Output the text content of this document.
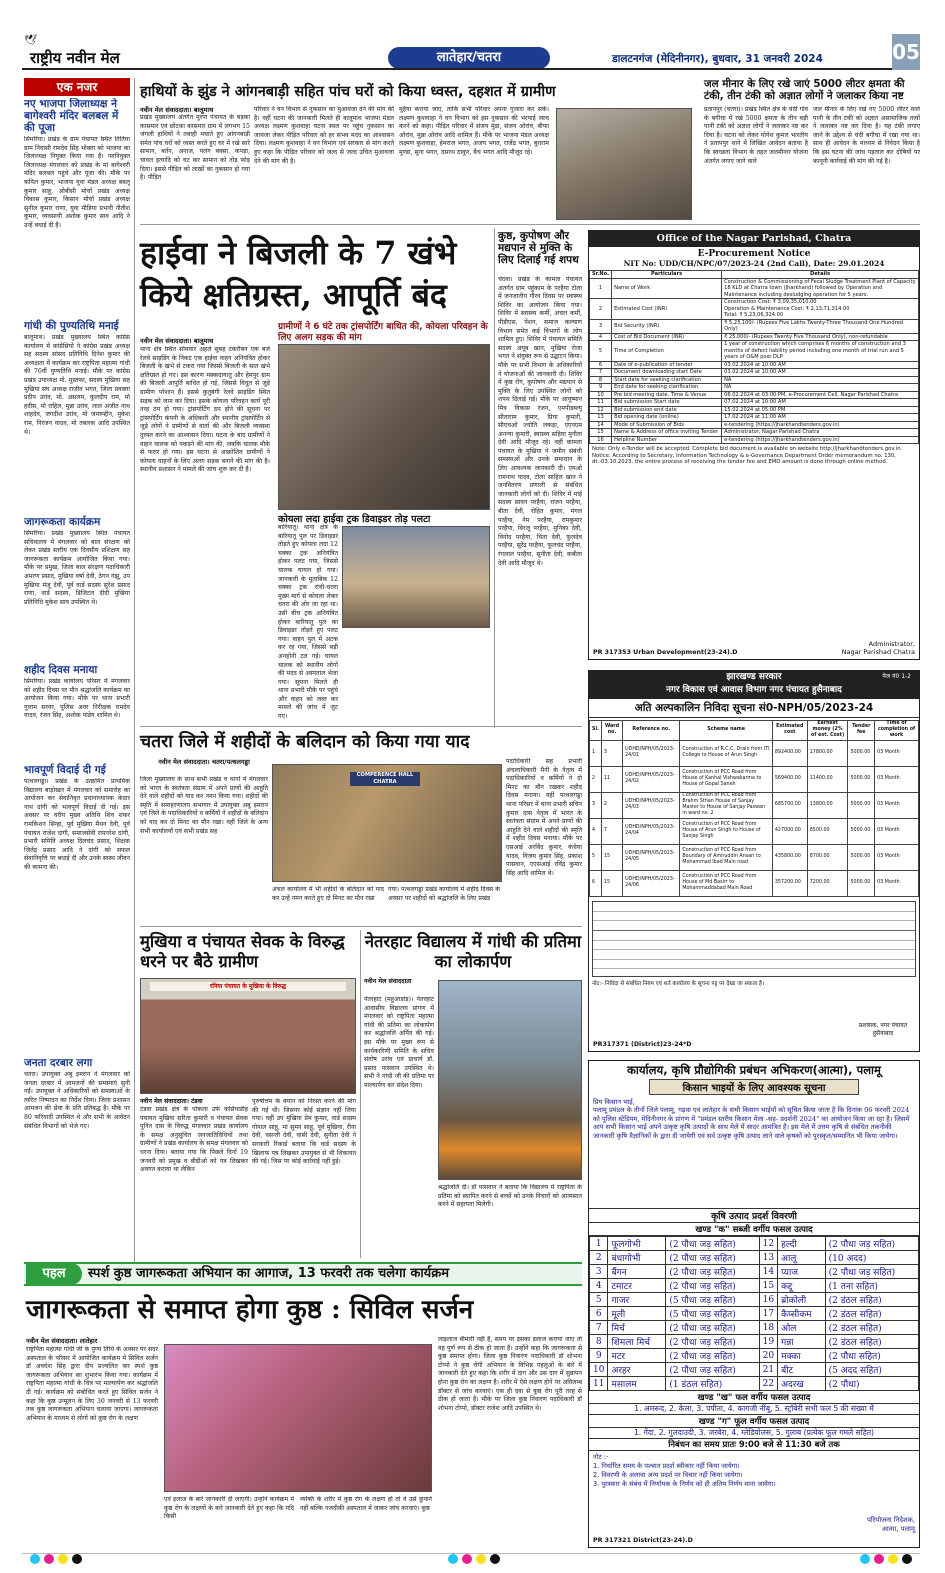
🕊
राष्ट्रीय नवीन मेल	लातेहार/चतरा	डालटनगंज (मेदिनीनगर), बुधवार, 31 जनवरी 2024	05
एक नजर
नए भाजपा जिलाध्यक्ष ने बागेश्वरी मंदिर बलबल में की पूजा
सिमरिया। प्रखंड के ग्राम पंचायत स्थित तितिया ग्राम निवासी रामदेव सिंह भोक्ता को भाजपा का जिलाध्यक्ष नियुक्त किया गया है। नवनियुक्त जिलाध्यक्ष मंगलवार को प्रखंड के मां बागेश्वरी मंदिर बलबल पहुंचे और पूजा की। मौके पर कपिल कुमार, भाजपा युवा मंडल अध्यक्ष बबलू कुमार साहू, ओबीसी मोर्चा प्रखंड अध्यक्ष विकास कुमार, किसान मोर्चा प्रखंड अध्यक्ष सुनील कुमार राणा, युवा मीडिया प्रभारी नीतीश कुमार, व्यवसायी अशोक कुमार साव आदि ने उन्हें बधाई दी है।
गांधी की पुण्यतिथि मनाई
बालूमाथ। प्रखंड मुख्यालय स्थित कांग्रेस कार्यालय में कांग्रेसियों ने कांग्रेस प्रखंड अध्यक्ष सह सदस्य सांसद प्रतिनिधि दिनेश कुमार की अध्यक्षता में कार्यक्रम कर राष्ट्रपिता महात्मा गांधी की 76वीं पुण्यतिथि मनाई। मौके पर कांग्रेस प्रखंड उपाध्यक्ष मो. मुस्तफा, सदस्य मुखिया सह मुखिया संघ अध्यक्ष राजीव भगत, जिला प्रवक्ता प्रदीप उरांव, मो. असलम, कुलदीप राम, मो हदीस, मो राहिल, मुन्ना उरांव, लाल अजीत नाथ शाहदेव, जगदीश उरांव, मो जमरूद्दीन, मुकेश राम, निरंजन यादव, मो तबारक आदि उपस्थित थे।
जागरूकता कार्यक्रम
सिमरिया। प्रखंड मुख्यालय स्थित पंचायत सचिवालय में मंगलवार को बाल संरक्षण को लेकर प्रखंड स्तरीय एक दिवसीय प्रशिक्षण सह जागरूकता कार्यक्रम आयोजित किया गया। मौके पर प्रमुख, जिला बाल संरक्षण पदाधिकारी अमरण प्रसाद, मुखिया वर्षा देवी, ठेगन गंझू, उप मुखिया मंजू देवी, पूर्व वार्ड सदस्य सुरेश प्रसाद राणा, वार्ड सदस्य, डिजिटल दीदी मुखिया प्रतिनिधि मुकेश साव उपस्थित थे।
शहीद दिवस मनाया
सिमरिया। प्रखंड कार्यालय परिसर में मंगलवार को शहीद दिवस पर मौन श्रद्धांजलि कार्यक्रम का आयोजन किया गया। मौके पर थाना प्रभारी गुलाम सरवर, पुलिस अवर निरीक्षक रामदेव यादव, रंजन सिंह, अशोक पांडेय शामिल थे।
भावपूर्ण विदाई दी गई
पत्थलगड्डा। प्रखंड के उत्क्रमित प्राथमिक विद्यालय बाड़ोखार में मंगलवार को समारोह का आयोजन कर सेवानिवृत प्रधानाध्यापक केदार नाथ दांगी को भावपूर्ण विदाई दी गई। इस अवसर पर वरीय मुख्य अतिथि शिव शंकर रामकिशन सिन्हा, पूर्व मुखिया मैथन देवी, पूर्व पंचायत राजेश दांगी, समाजसेवी रामनरेश दांगी, प्रभारी समिति अध्यक्ष दिलचंद प्रसाद, शिक्षक जितेंद्र प्रसाद आदि ने दांगी को सफल सेवानिवृत्ति पर बधाई दी और उनके स्वस्थ जीवन की कामना की।
जनता दरबार लगा
चतरा। उपायुक्त अबु इमरान ने मंगलवार को जनता दरबार में आमजनों की समस्याएं सुनी गईं। उपायुक्त ने अधिकारियों को समस्याओं के त्वरित निष्पादन का निर्देश दिया। जिला प्रशासन आमजन की सेवा के प्रति प्रतिबद्ध है। मौके पर 80 फरियादी उपस्थित थे और सभी के आवेदन संबंधित विभागों को भेजे गए।
हाथियों के झुंड ने आंगनबाड़ी सहित पांच घरों को किया ध्वस्त, दहशत में ग्रामीण
नवीन मेल संवाददाता। बालूमाथ
प्रखंड मुख्यालय अंतर्गत मुरपा पंचायत के बड़का कासमार एवं छोटका कासमार ग्राम में लगभग 15 जंगली हाथियों ने तबाही मचाते हुए आंगनबाड़ी समेत पांच घरों को ध्वस्त करते हुए घर में रखे सारे सामान, बर्तन, अनाज, पलंग बक्सा, कपड़ा, चावल इत्यादि को चट कर सामान को तोड़ फोड़ दिया। इससे पीड़ित को लाखों का नुकसान हो गया है। पीड़ित
परिवार ने वन विभाग से नुकसान का मुआवजा देने की मांग की है। वहीं घटना की जानकारी मिलते ही बालूमाथ भाजपा मंडल अध्यक्ष लक्ष्मण कुशवाहा घटना स्थल पर पहुंच नुकसान का जायजा लेकर पीड़ित परिवार को हर संभव मदद का आश्वासन दिया। लक्ष्मण कुशवाहा ने वन विभाग एवं सरकार से मांग करते हुए कहा कि पीड़ित परिवार को जल्द से जल्द उचित मुआवजा देने की मांग की है।
मुहैया कराया जाए, ताकि सभी परिवार अपना गुजारा कर सकें। लक्ष्मण कुशवाहा ने वन विभाग को इस नुकसान की भरपाई जल्द करने को कहा। पीड़ित परिवार में संजय मुंडा, संजय ओरांव, बीफा ओरांव, मुन्ना ओरांव आदि शामिल हैं। मौके पर भाजपा मंडल अध्यक्ष लक्ष्मण कुशवाहा, हेमराज भगत, अजय भगत, राजेंद्र भगत, बुधराम मुण्डा, सुना भगत, दसरथ ठाकुर, बैच भगत आदि मौजूद रहे।
जल मीनार के लिए रखे जाएं 5000 लीटर क्षमता की टंकी, तीन टंकी को अज्ञात लोगों ने जलाकर किया नष्ट
प्रतापपुर (चतरा)। प्रखंड स्थित क्षेत्र के चंदी गांव के बगीचा में रखे 5000 क्षमता के तीन बड़ी पानी टंकी को अज्ञात लोगों ने जलाकर नष्ट कर दिया है। घटना को लेकर योगेश कुमार भारतीय ने प्रतापपुर थाने में लिखित आवेदन बताया है कि स्वच्छता विभाग के तहत जलमीनार योजना अंतर्गत लगाए जाने वाले
जल मीनार के लिए रखे गए 5000 लीटर वाले पानी के तीन टंकी को अज्ञात असामाजिक तत्वों ने जलाकर नष्ट कर दिया है। यह टंकी लगाए जाने के उद्देश्य से चंदी बगीचा में रखा गया था। साथ ही आवेदन के माध्यम से निवेदन किया है कि इस घटना की जांच पड़ताल कर दोषियों पर कानूनी कार्रवाई की मांग की गई है।
हाईवा ने बिजली के 7 खंभे किये क्षतिग्रस्त, आपूर्ति बंद
नवीन मेल संवाददाता। बालूमाथ
थाना क्षेत्र स्थित सोमवार अहले सुबह टकरीबन एक बजे रेलवे साइडिंग के निकट एक हाईवा वाहन अनियंत्रित होकर बिजली के खंभे से टकरा गया जिससे बिजली के सात खंभे क्षतिग्रस्त हो गए। इस कारण मक्कदायातु और हेमपुर ग्राम की बिजली आपूर्ति बाधित हो गई, जिससे विधुत से जुड़े ग्रामीण परेशान हैं। इससे कुतुबंगी रेलवे साइडिंग स्थित सड़क को जाम कर दिया। इसके कोयला परिवहन कार्य पूरी तरह ठप हो गया। ट्रांसपोर्टिंग ठप होने की सूचना पर ट्रांसपोर्टिंग कंपनी के अधिकारी और स्थानीय ट्रांसपोर्टिंग से जुड़े लोगों ने ग्रामीणों से वार्ता की और बिजली व्यवस्था दुरुस्त करने का आश्वासन दिया। घटना के बाद ग्रामीणों ने वाहन चालक को पकड़ने की मांग की, जबकि चालक मौके से फरार हो गया। इस घटना से आक्रोशित ग्रामीणों ने कोयला वाहनों के लिए अलग सड़क बनाने की मांग की है। स्थानीय प्रशासन ने मामले की जांच शुरू कर दी है।
ग्रामीणों ने 6 घंटे तक ट्रांसपोर्टिंग बाधित की, कोयला परिवहन के लिए अलग सड़क की मांग
कोयला लदा हाईवा ट्रक डिवाइडर तोड़ पलटा
बारियातू। थाना क्षेत्र के बारियातू पुल पर डिवाइडर तोड़ते हुए कोयला लदा 12 चक्का ट्रक अनियंत्रित होकर पलट गया, जिससे चालक घायल हो गया। जानकारी के मुताबिक 12 चक्का ट्रक रांची-चतरा मुख्य मार्ग से कोयला लेकर चतरा की ओर जा रहा था। उसी बीच ट्रक अनियंत्रित होकर बारियातू पुल का डिवाइडर तोड़ते हुए पलट गया। वाहन पुल में अटक कर रह गया, जिससे बड़ी अनहोनी टल गई। घायल चालक को स्थानीय लोगों की मदद से अस्पताल भेजा गया। सूचना मिलते ही थाना प्रभारी मौके पर पहुंचे और वाहन को जब्त कर मामले की जांच में जुट गए।
कुष्ठ, कुपोषण और मद्यपान से मुक्ति के लिए दिलाई गई शपथ
चंदवा। प्रखंड के कामता पंचायत अंतर्गत ग्राम पहुंकाम के परहैया टोला में जनजातीय गौरव दिवस पर स्वास्थ्य शिविर का आयोजन किया गया। शिविर में स्वास्थ्य कर्मी, अंचल कर्मी, पीडीएस, पेंशन, समाज कल्याण विभाग समेत कई विभागों के लोग शामिल हुए। शिविर में पंचायत समिति सदस्य अयूब खान, मुखिया रोजा भगत ने संयुक्त रूप से उद्घाटन किया। मौके पर सभी विभाग के अधिकारियों ने योजनाओं की जानकारी दी। शिविर में कुष्ठ रोग, कुपोषण और मद्यपान से मुक्ति के लिए उपस्थित लोगों को शपथ दिलाई गई। मौके पर आयुष्मान मित्र विकास रंजन, एमपीडब्ल्यू सीताराम कुमार, प्रिया कुमारी, सीएचओ ज्योति लकड़ा, एएनएम अनन्या कुमारी, स्वास्थ्य सहिया मुनीता देवी आदि मौजूद रहे। वहीं कामता पंचायत के मुखिया ने जमीन संबंधी समस्याओं और उनके समाधान के लिए आवश्यक जानकारी दी। एमओ रामनाथ यादव, टोला साहिल खान ने जनवितरण प्रणाली से संबंधित जानकारी लोगों को दी। शिविर में मांई सदस्य सावन परहैया, राजन परहैया, बीता देवी, रोहित कुमार, मंगल परहैया, नेम परहैया, रामकुमार परहैया, बिरजू परहैया, मुनिका देवी, विनोद परहैया, चिंता देवी, फुलदेव परहैया, सुरेंद्र परहैया, फूलचंद परहैया, रंगलाल परहैया, सुनीता देवी, कबीता देवी आदि मौजूद थे।
Office of the Nagar Parishad, Chatra
E-Procurement Notice
NIT No: UDD/CH/NPC/07/2023-24 (2nd Call), Date: 29.01.2024
Sr.No.	Particulars	Details
1	Name of Work	Construction & Commissioning of Fecal Sludge Treatment Plant of Capacity 18 KLD at Chatra town (Jharkhand) followed by Operation and Maintenance including desludging operation for 5 years.
2	Estimated Cost (INR)	Construction Cost: ₹ 3,09,35,010.00
Operation & Maintenance Cost: ₹ 2,13,71,314.00
Total: ₹ 5,23,06,324.00
3	Bid Security (INR)	₹ 5,23,100/- (Rupees Five Lakhs Twenty-Three Thousand One Hundred Only)
4	Cost of Bid Document (INR)	₹ 25,000/- (Rupees Twenty Five Thousand Only), non-refundable
5	Time of Completion	1 year of construction which comprises 6 months of construction and 3 months of defect liability period including one month of trial run and 5 years of O&M post DLP
6	Date of e-publication of tender	03.02.2024 at 10:00 AM
7	Document downloading start Date	03.02.2024 at 10:00 AM
8	Start date for seeking clarification	NA
9	End date for seeking clarification	NA
10	Pre bid meeting date, Time & Venue	06.02.2024 at 03:00 PM, e-Procurement Cell, Nagar Parishad Chatra
11	Bid submission Start date	07.02.2024 at 10:00 AM
12	Bid submission end date	15.02.2024 at 05:00 PM
13	Bid opening date (online)	17.02.2024 at 11:00 AM
14	Mode of Submission of Bids	e-tendering (https://jharkhandtenders.gov.in)
15	Name & Address of office inviting Tender	Administrator, Nagar Parishad Chatra
16	Helpline Number	e-tendering (https://jharkhandtenders.gov.in)
Note: Only e-Tender will be accepted. Complete bid document is available on website http://jharkhandtenders.gov.in. Notice: According to Secretary, Information Technology & e-Governance Department Order memorandum no. 130, dt.-03.10.2023, the entire process of receiving the tender fee and EMD amount is done through online method.
Administrator,
Nagar Parishad Chatra
PR 317353 Urban Development(23-24).D
झारखण्ड सरकार
नगर विकास एवं आवास विभाग नगर पंचायत हुसैनाबाद
पेज नं0 1-2
अति अल्पकालिन निविदा सूचना सं0-NPH/05/2023-24
Sl.	Ward no.	Reference no.	Scheme name	Estimated cost	Earnest money (2% of est. Cost)	Tender fee	Time of completion of work
1	3	UDHD/NPH/05/2023-24/01	Construction of R.C.C. Drain from ITI College to House of Arun Singh	892400.00	17800.00	5000.00	03 Month
2	11	UDHD/NPH/05/2023-24/02	Construction of PCC Road from House of Kanhai Vishwakarma to House of Gopal Saneh	569400.00	11400.00	5000.00	03 Month
3	2	UDHD/NPH/05/2023-24/03	Construction of PCC Road from Brahm Sthan House of Sanjay Master to House of Sanjay Paswan in ward no. 2	685700.00	13800.00	5000.00	03 Month
4	7	UDHD/NPH/05/2023-24/04	Construction of PCC Road from House of Arun Singh to House of Sanjay Singh	427000.00	8500.00	5000.00	03 Month
5	15	UDHD/NPH/05/2023-24/05	Construction of PCC Road from Boundary of Amiruddin Ansari to Mohammad Ibad Main road	435800.00	8700.00	5000.00	03 Month
6	15	UDHD/NPH/05/2023-24/06	Construction of PCC Road from House of Md Basirr to Mohammaddabad Main Road	357200.00	7200.00	5000.00	03 Month
नोट:- निविदा से संबंधित नियम एवं शर्त कार्यालय के सूचना पट्ट पर देखा जा सकता है।
प्रशासक, नगर पंचायत हुसैनाबाद
PR317371 (District)23-24*D
चतरा जिले में शहीदों के बलिदान को किया गया याद
नवीन मेल संवाददाता। चतरा/पत्थलगड्डा
जिला मुख्यालय के साथ सभी प्रखंड व थानों में मंगलवार को भारत के स्वतंत्रता संग्राम में अपने प्राणों की आहुति देने वाले शहीदों को याद कर नमन किया गया। शहीदों की स्मृति में समाहरणालय सभागार में उपायुक्त अबु इमरान एवं जिले के पदाधिकारियों व कर्मियों ने शहीदों के बलिदान को याद कर दो मिनट का मौन रखा। वहीं जिले के अन्य सभी कार्यालयों एवं सभी प्रखंड सह
COMPERENCE HALL CHATRA
अंचल कार्यालय में भी शहीदों के बलिदान को याद कर उन्हें नमन करते हुए दो मिनट का मौन रखा
गया। पत्थलगड्डा प्रखंड कार्यालय में शहीद दिवस के अवसर पर शहीदों को श्रद्धांजलि के लिए प्रखंड
पदाधिकारी सह प्रभारी अंचलाधिकारी मैनी के नेतृत्व में पदाधिकारियों व कर्मियों ने दो मिनट का मौन रखकर शहीद दिवस मनाया। वहीं पत्थलगड्डा थाना परिसर में थाना प्रभारी सचिन कुमार दास नेतृत्व में भारत के स्वतंत्रता संग्राम में अपने प्राणों की आहुति देने वाले शहीदों की स्मृति में शहीद दिवस मनाया। मौके पर एसआई अरविंद कुमार, कंचेया यादव, विजय कुमार सिंह, प्रकाश पासवान, एएसआई रविंद्र कुमार सिंह आदि शामिल थे।
मुखिया व पंचायत सेवक के विरुद्ध धरने पर बैठे ग्रामीण
रनिया पंचायत के मुखिया के विरुद्ध
नवीन मेल संवाददाता। टंडवा
टंडवा प्रखंड क्षेत्र के पोकला उर्फ कसियाडीह पंचायत मुखिया सरिता कुमारी व पंचायत सेवक पुनित दास के विरुद्ध मंगलवार प्रखंड कार्यालय के समक्ष अनुसूचित जनजातिविधियों तथा ग्रामीणों ने प्रखंड कार्यालय के समक्ष मंगलवार को धरना दिया। बताया गया कि पिछले दिनों 19 जनवरी को प्रमुख व बीडीओ को पत्र लिखकर अवगत कराया था लेकिन
पुरुषोत्तम के बयान को निरस्त करने की मांग की गई थी। जिसपर कोई संज्ञान नहीं लिया गया। वहीं उप मुखिया प्रेम कुमार, वार्ड सदस्य गोपाल साहू, मां सुमन साहू, पूर्व मुखिया, रीना देवी, वसन्ती देवी, वासी देवी, सुनीता देवी ने सरकारी रिकार्ड बताया कि वार्ड सदस्य के खिलाफ पत्र लिखकर उपायुक्त से भी शिकायत की गई। जिस पर कोई कार्रवाई नहीं हुई।
नेतरहाट विद्यालय में गांधी की प्रतिमा का लोकार्पण
नवीन मेल संवाददाता
नेतरहाट (महुआडांड़)। नेतरहाट आवासीय विद्यालय प्रांगण में मंगलवार को राष्ट्रपिता महात्मा गांधी की प्रतिमा का लोकार्पण कर श्रद्धांजलि अर्पित की गई। इस मौके पर मुख्य रूप से कार्यकारिणी समिति के सचिव संतोष उरांव एवं प्राचार्य डॉ. प्रसाद पासवान उपस्थित थे। सभी ने गांधी जी की प्रतिमा पर माल्यार्पण कर संदेश दिया।
श्रद्धांजलि दी। डॉ पासवान ने बताया कि विद्यालय में राष्ट्रपिता के प्रतिमा को स्थापित करने से बच्चों को उनके विचारों को आत्मसात करने में सहायता मिलेगी।
पहल	स्पर्श कुष्ठ जागरूकता अभियान का आगाज, 13 फरवरी तक चलेगा कार्यक्रम
जागरूकता से समाप्त होगा कुष्ठ : सिविल सर्जन
नवीन मेल संवाददाता। लातेहार
राष्ट्रपिता महात्मा गांधी जी के पुण्य तिथि के अवसर पर सदर अस्पताल के परिसर में आयोजित कार्यक्रम में सिविल सर्जन डॉ अवधेश सिंह द्वारा दीप प्रज्वलित कर स्पर्श कुष्ठ जागरूकता अभियान का शुभारंभ किया गया। कार्यक्रम में राष्ट्रपिता महात्मा गांधी के चित्र पर माल्यार्पण कर श्रद्धांजलि दी गई। कार्यक्रम को संबोधित करते हुए सिविल सर्जन ने कहा कि कुष्ठ उन्मूलन के लिए 30 जनवरी से 13 फरवरी तक कुष्ठ जागरूकता अभियान चलाया जाएगा। जागरूकता अभियान के माध्यम से लोगों को कुष्ठ रोग के लक्षण
एवं इलाज के बारे जानकारी दी जाएगी। उन्होंने कार्यक्रम में कुष्ठ रोग के लक्षणों के बारे जानकारी देते हुए कहा कि यदि किसी
व्यक्ति के शरीर में कुष्ठ रोग के लक्षण हो तो वे उसे छुपाने नहीं बल्कि नजदीकी अस्पताल में जाकर जांच करवाएं। कुष्ठ
लाइलाज बीमारी नहीं है, समय पर इसका इलाज कराया जाए तो वह पूर्ण रूप से ठीक हो जाता है। उन्होंने कहा कि जागरूकता से कुष्ठ समाप्त होगा। जिला कुष्ठ निवारण पदाधिकारी डॉ शोभना टोप्पो ने कुष्ठ रोगी अभियान के विभिन्न पहलुओं के बारे में जानकारी देते हुए कहा कि शरीर में दाग और उस दाग में सुन्नापन होना कुष्ठ रोग का लक्षण है। शरीर में ऐसे लक्षण होने पर अविलम्ब डॉक्टर से जांच करवाएं। एक ही दवा से कुष्ठ रोग पूरी तरह से ठीक हो जाता है। मौके पर जिला कुष्ठ निवारण पदाधिकारी डॉ शोभना टोप्पो, डॉक्टर राजेश आदि उपस्थित थे।
कार्यालय, कृषि प्रौद्योगिकी प्रबंधन अभिकरण(आत्मा), पलामू
किसान भाइयों के लिए आवश्यक सूचना
प्रिय किसान भाई,
पलामू प्रमंडल के तीनों जिले पलामू, गढ़वा एवं लातेहार के सभी किसान भाईयों को सूचित किया जाता है कि दिनांक 06 फरवरी 2024 को पुलिस स्टेडियम, मेदिनीनगर के प्रांगण में "प्रमंडल स्तरीय किसान मेला -सह- प्रदर्शनी 2024" का आयोजन किया जा रहा है। जिसमें आप सभी किसान भाई अपने उत्कृष्ट कृषि उत्पादों के साथ मेले में सादर आमंत्रित हैं। इस मेले में उत्तम कृषि से संबंधित तकनीकी जानकारी कृषि वैज्ञानिकों के द्वारा दी जायेगी एवं सर्व उत्कृष्ट कृषि उत्पाद लाने वाले कृषकों को पुरस्कृत/सम्मानित भी किया जायेगा।
कृषि उत्पाद प्रदर्श विवरणी
खण्ड "क" सब्जी वर्गीय फसल उत्पाद
1	फूलगोभी	(2 पौधा जड़ सहित)	12	हल्दी	(2 पौधा जड़ सहित)
2	बंधागोभी	(2 पौधा जड़ सहित)	13	आलू	(10 अदद)
3	बैंगन	(2 पौधा जड़ सहित)	14	प्याज	(2 पौधा जड़ सहित)
4	टमाटर	(2 पौधा जड़ सहित)	15	कद्दू	(1 तना सहित)
5	गाजर	(5 पौधा जड़ सहित)	16	ब्रोकोली	(2 डंठल सहित)
6	मूली	(5 पौधा जड़ सहित)	17	कैप्सीकम	(2 डंठल सहित)
7	मिर्च	(2 पौधा जड़ सहित)	18	ओल	(2 डंठल सहित)
8	शिमला मिर्च	(2 पौधा जड़ सहित)	19	गन्ना	(2 डंठल सहित)
9	मटर	(2 पौधा जड़ सहित)	20	मक्का	(2 पौधा सहित)
10	अरहर	(2 पौधा जड़ सहित)	21	बीट	(5 अदद सहित)
11	मसालम	(1 डंठल सहित)	22	अदरख	(2 पौधा)
खण्ड "ख" फल वर्गीय फसल उत्पाद
1. अमरूद, 2. केला, 3. पपीता, 4. कागजी नींबू, 5. स्ट्रॉबेरी सभी फल 5 की संख्या में
खण्ड "ग" फूल वर्गीय फसल उत्पाद
1. गेंदा, 2. गुलदाउदी, 3. जरबेरा, 4. ग्लेडियोलस, 5. गुलाब (प्रत्येक फूल गमले सहित)
निबंधन का समय प्रातः 9:00 बजे से 11:30 बजे तक
नोट :-
1. निर्धारित समय के पश्चात प्रदर्श स्वीकार नहीं किया जायेगा।
2. विवरणी के अलावा अन्य प्रदर्श पर विचार नहीं किया जायेगा।
3. पुरस्कार के संबंध में निर्णायक के निर्णय को ही अंतिम निर्णय माना जायेगा।
परियोजना निदेशक,
आत्मा, पलामू
PR 317321 District(23-24).D
